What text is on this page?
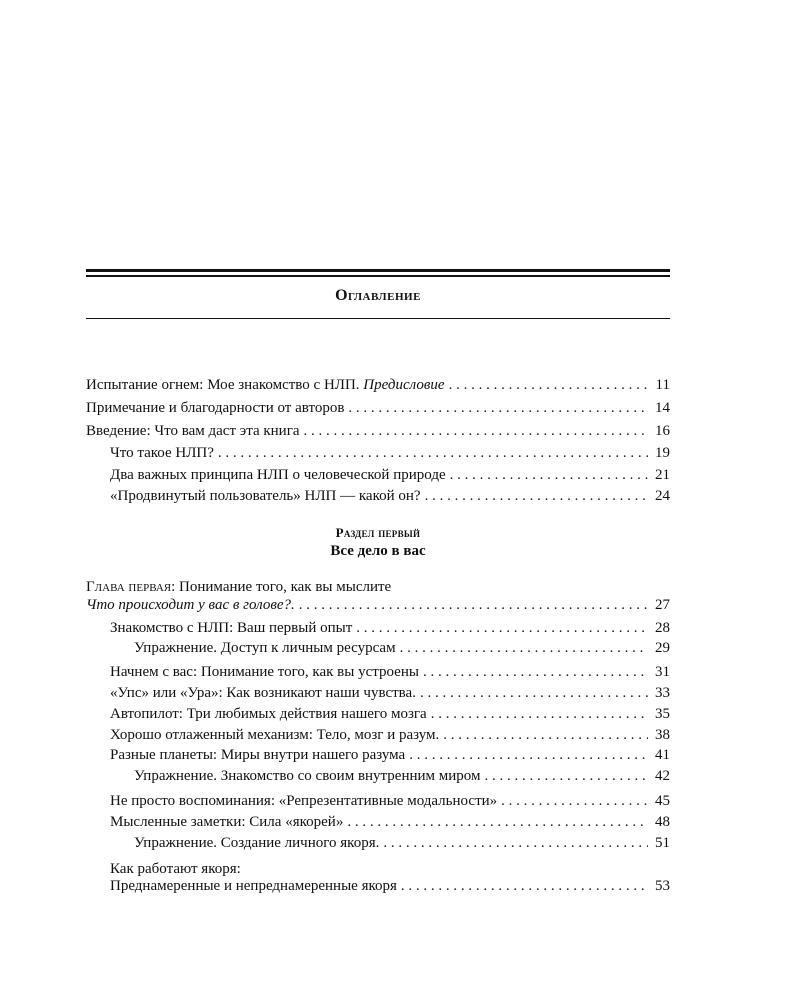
Оглавление
Испытание огнем: Мое знакомство с НЛП. Предисловие . . .	11
Примечание и благодарности от авторов . . .	14
Введение: Что вам даст эта книга . . .	16
Что такое НЛП? . . .	19
Два важных принципа НЛП о человеческой природе . . .	21
«Продвинутый пользователь» НЛП — какой он? . . .	24
Раздел первый
Все дело в вас
Глава первая: Понимание того, как вы мыслите
Что происходит у вас в голове?. . . .	27
Знакомство с НЛП: Ваш первый опыт . . .	28
Упражнение. Доступ к личным ресурсам . . .	29
Начнем с вас: Понимание того, как вы устроены . . .	31
«Упс» или «Ура»: Как возникают наши чувства. . . .	33
Автопилот: Три любимых действия нашего мозга . . .	35
Хорошо отлаженный механизм: Тело, мозг и разум. . . .	38
Разные планеты: Миры внутри нашего разума . . .	41
Упражнение. Знакомство со своим внутренним миром . . .	42
Не просто воспоминания: «Репрезентативные модальности» . . .	45
Мысленные заметки: Сила «якорей» . . .	48
Упражнение. Создание личного якоря. . . .	51
Как работают якоря:
Преднамеренные и непреднамеренные якоря . . .	53
